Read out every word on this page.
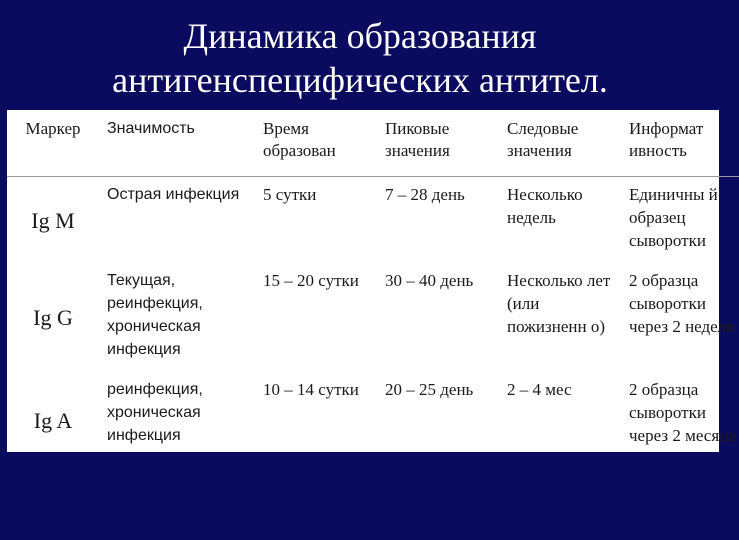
Динамика образования
антигенспецифических антител.
Маркер	Значимость	Время образован	Пиковые значения	Следовые значения	Информат ивность
Ig M	Острая инфекция	5 сутки	7 – 28 день	Несколько недель	Единичны й образец сыворотки
Ig G	Текущая, реинфекция, хроническая инфекция	15 – 20 сутки	30 – 40 день	Несколько лет (или пожизненн о)	2 образца сыворотки через 2 недели
Ig A	реинфекция, хроническая инфекция	10 – 14 сутки	20 – 25 день	2 – 4 мес	2 образца сыворотки через 2 месяца
